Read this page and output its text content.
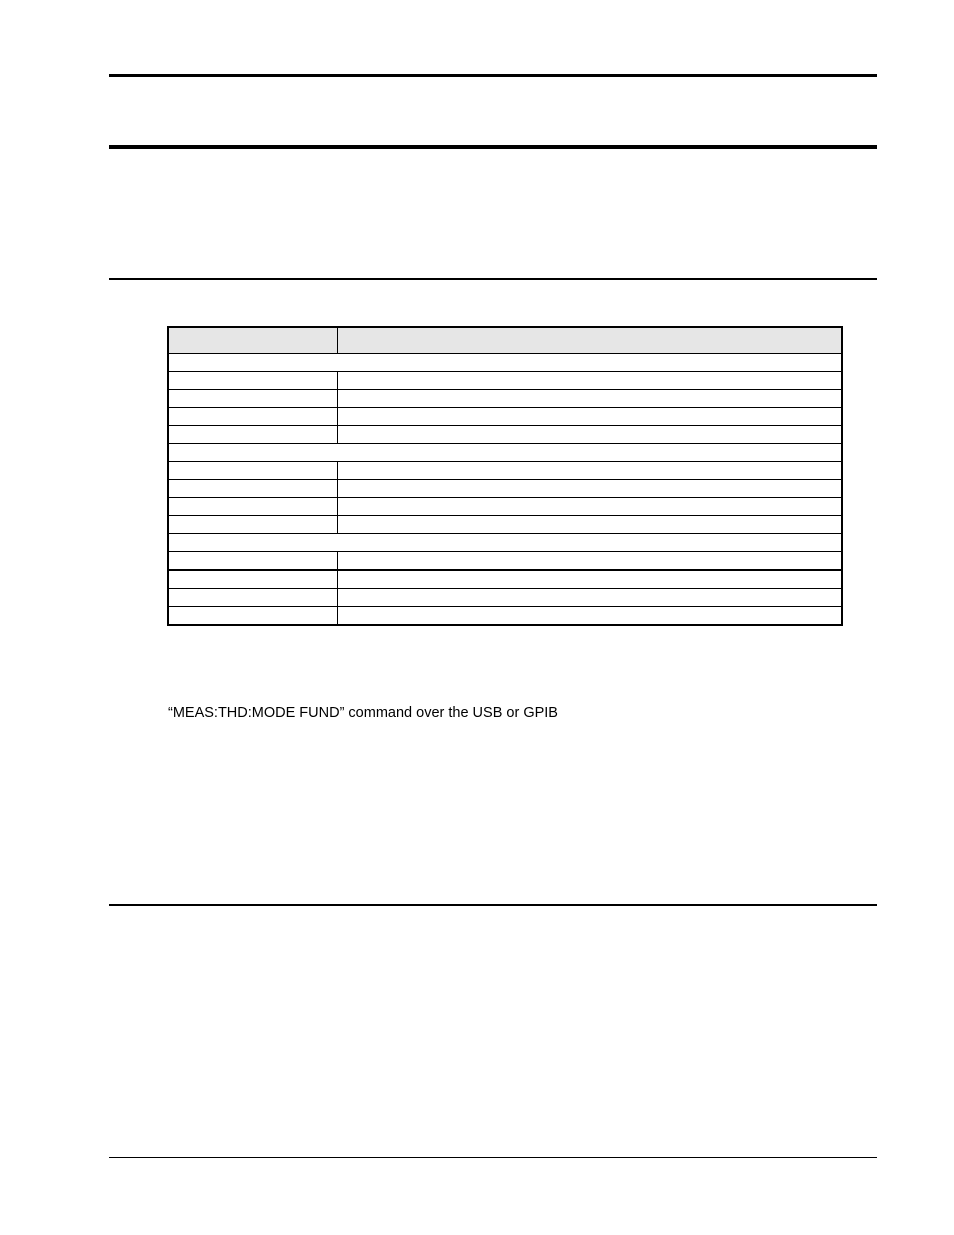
“MEAS:THD:MODE FUND” command over the USB or GPIB
